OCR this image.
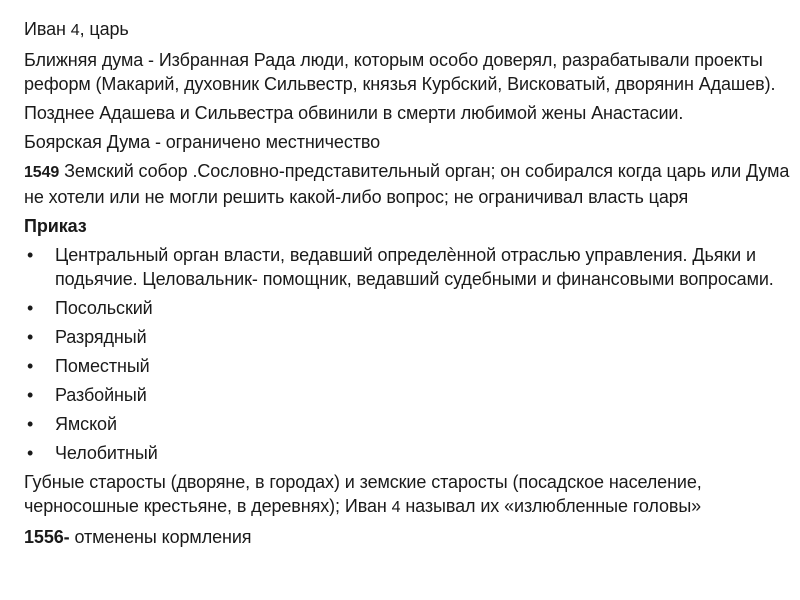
Иван 4, царь

Ближняя дума - Избранная Рада люди, которым особо доверял, разрабатывали проекты реформ (Макарий, духовник Сильвестр, князья Курбский, Висковатый, дворянин Адашев).

Позднее Адашева и Сильвестра обвинили в смерти любимой жены Анастасии.

Боярская Дума - ограничено местничество

1549 Земский собор .Сословно-представительный орган; он собирался когда царь или Дума не хотели или не могли решить какой-либо вопрос; не ограничивал власть царя

Приказ

• Центральный орган власти, ведавший определѐнной отраслью управления. Дьяки и подьячие. Целовальник- помощник, ведавший судебными и финансовыми вопросами.
• Посольский
• Разрядный
• Поместный
• Разбойный
• Ямской
• Челобитный

Губные старосты (дворяне, в городах) и земские старосты (посадское население, черносошные крестьяне, в деревнях); Иван 4 называл их «излюбленные головы»

1556- отменены кормления
